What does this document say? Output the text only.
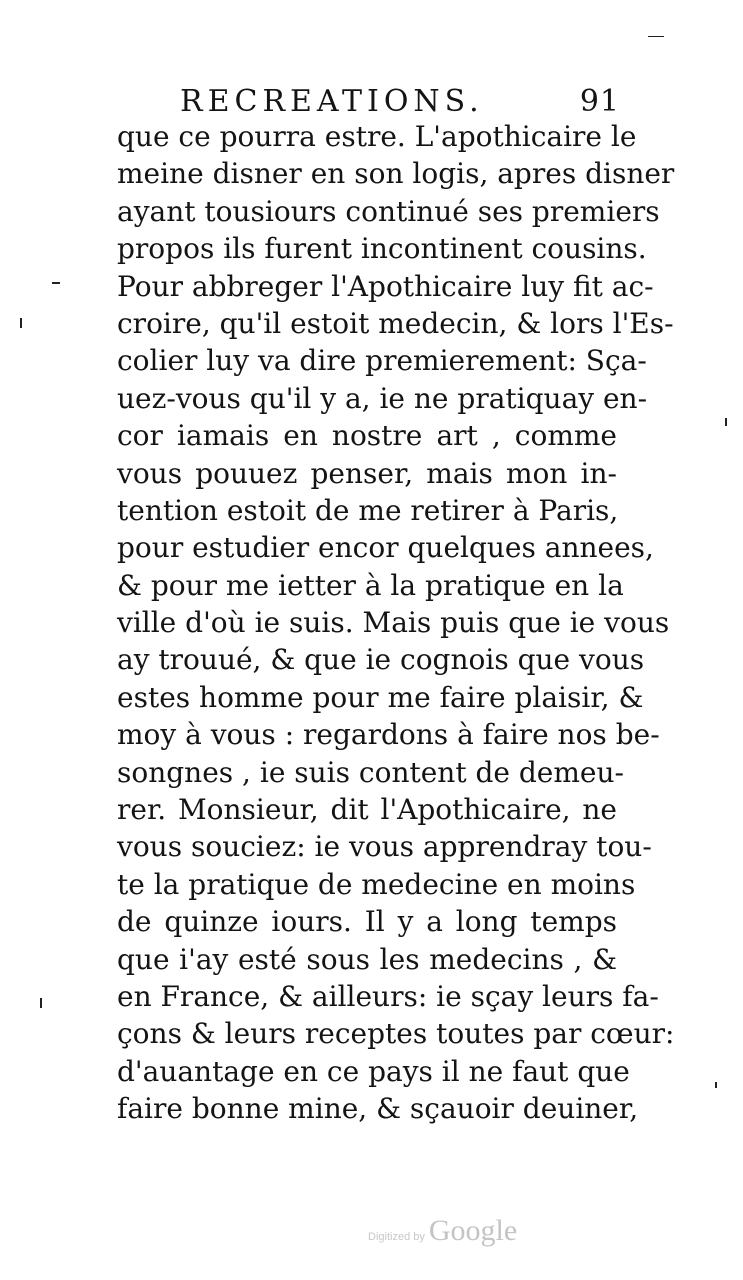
RECREATIONS.	91
que ce pourra estre. L'apothicaire le
meine disner en son logis, apres disner
ayant tousiours continué ses premiers
propos ils furent incontinent cousins.
Pour abbreger l'Apothicaire luy fit ac-
croire, qu'il estoit medecin, & lors l'Es-
colier luy va dire premierement: Sça-
uez-vous qu'il y a, ie ne pratiquay en-
cor iamais en nostre art , comme
vous pouuez penser, mais mon in-
tention estoit de me retirer à Paris,
pour estudier encor quelques annees,
& pour me ietter à la pratique en la
ville d'où ie suis. Mais puis que ie vous
ay trouué, & que ie cognois que vous
estes homme pour me faire plaisir, &
moy à vous : regardons à faire nos be-
songnes , ie suis content de demeu-
rer. Monsieur, dit l'Apothicaire, ne
vous souciez: ie vous apprendray tou-
te la pratique de medecine en moins
de quinze iours. Il y a long temps
que i'ay esté sous les medecins , &
en France, & ailleurs: ie sçay leurs fa-
çons & leurs receptes toutes par cœur:
d'auantage en ce pays il ne faut que
faire bonne mine, & sçauoir deuiner,
Digitized by Google
